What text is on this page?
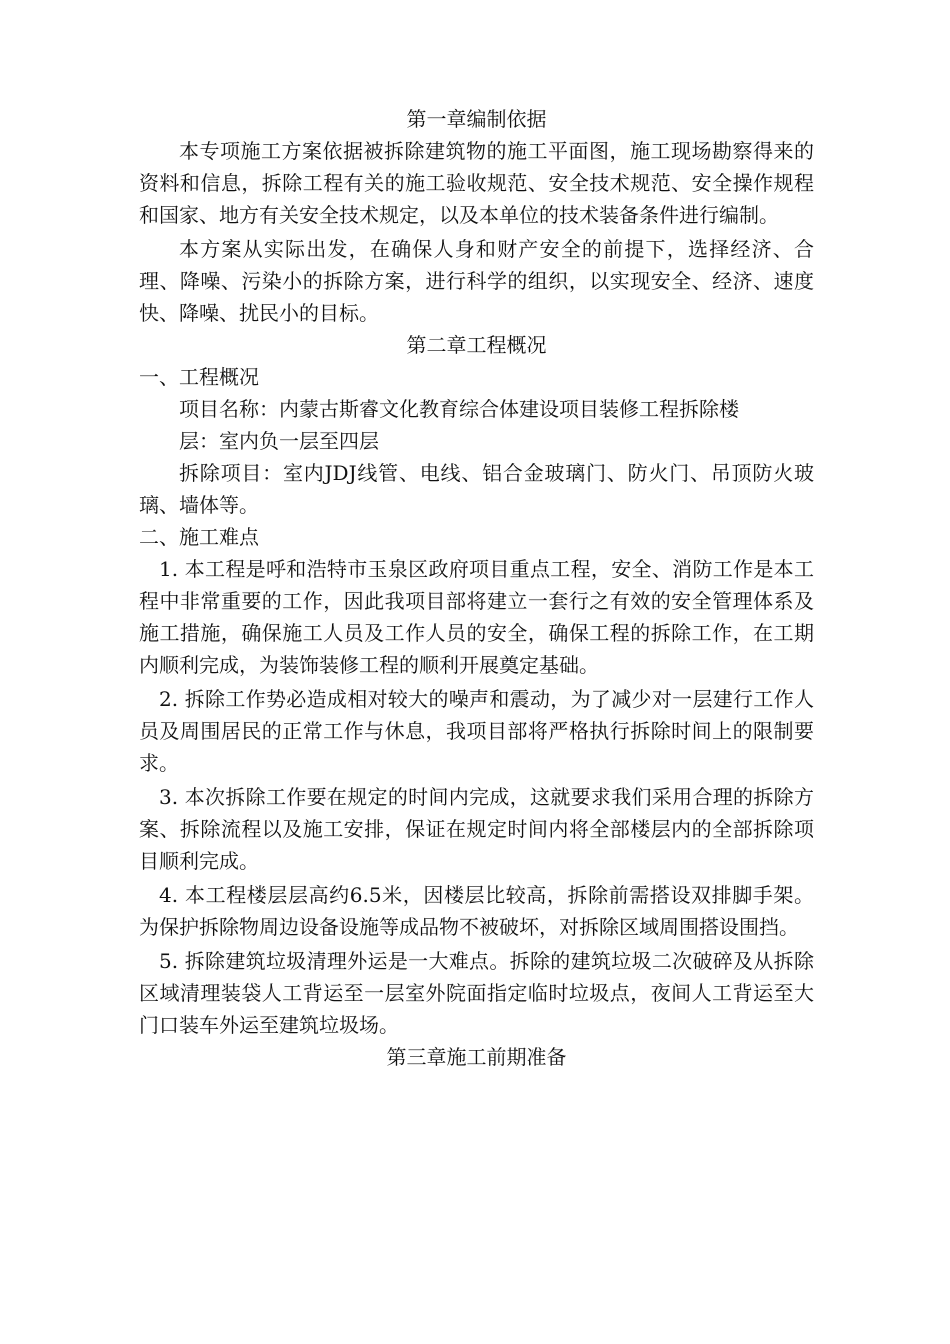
第一章编制依据

本专项施工方案依据被拆除建筑物的施工平面图，施工现场勘察得来的资料和信息，拆除工程有关的施工验收规范、安全技术规范、安全操作规程和国家、地方有关安全技术规定，以及本单位的技术装备条件进行编制。

本方案从实际出发，在确保人身和财产安全的前提下，选择经济、合理、降噪、污染小的拆除方案，进行科学的组织，以实现安全、经济、速度快、降噪、扰民小的目标。

第二章工程概况

一、工程概况

项目名称：内蒙古斯睿文化教育综合体建设项目装修工程拆除楼

层：室内负一层至四层

拆除项目：室内JDJ线管、电线、铝合金玻璃门、防火门、吊顶防火玻璃、墙体等。

二、施工难点

1. 本工程是呼和浩特市玉泉区政府项目重点工程，安全、消防工作是本工程中非常重要的工作，因此我项目部将建立一套行之有效的安全管理体系及施工措施，确保施工人员及工作人员的安全，确保工程的拆除工作，在工期内顺利完成，为装饰装修工程的顺利开展奠定基础。

2. 拆除工作势必造成相对较大的噪声和震动，为了减少对一层建行工作人员及周围居民的正常工作与休息，我项目部将严格执行拆除时间上的限制要求。

3. 本次拆除工作要在规定的时间内完成，这就要求我们采用合理的拆除方案、拆除流程以及施工安排，保证在规定时间内将全部楼层内的全部拆除项目顺利完成。

4. 本工程楼层层高约6.5米，因楼层比较高，拆除前需搭设双排脚手架。为保护拆除物周边设备设施等成品物不被破坏，对拆除区域周围搭设围挡。

5. 拆除建筑垃圾清理外运是一大难点。拆除的建筑垃圾二次破碎及从拆除区域清理装袋人工背运至一层室外院面指定临时垃圾点，夜间人工背运至大门口装车外运至建筑垃圾场。

第三章施工前期准备
